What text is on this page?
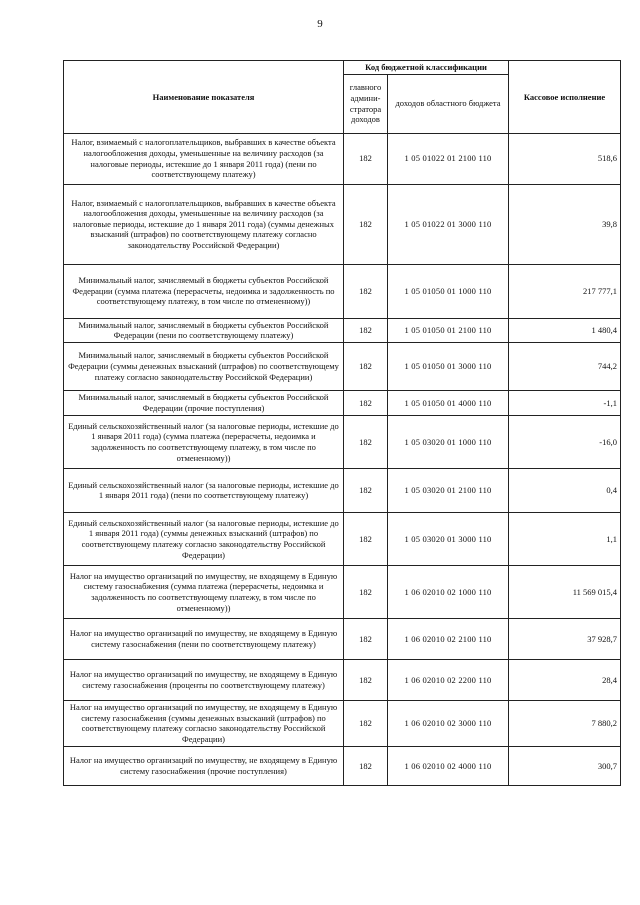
9
Наименование показателя	Код бюджетной классификации		Кассовое исполнение
	главного админи-стратора доходов	доходов областного бюджета	
Налог, взимаемый с налогоплательщиков, выбравших в качестве объекта налогообложения доходы, уменьшенные на величину расходов (за налоговые периоды, истекшие до 1 января 2011 года) (пени по соответствующему платежу)	182	1 05 01022 01 2100 110	518,6
Налог, взимаемый с налогоплательщиков, выбравших в качестве объекта налогообложения доходы, уменьшенные на величину расходов (за налоговые периоды, истекшие до 1 января 2011 года) (суммы денежных взысканий (штрафов) по соответствующему платежу согласно законодательству Российской Федерации)	182	1 05 01022 01 3000 110	39,8
Минимальный налог, зачисляемый в бюджеты субъектов Российской Федерации (сумма платежа (перерасчеты, недоимка и задолженность по соответствующему платежу, в том числе по отмененному))	182	1 05 01050 01 1000 110	217 777,1
Минимальный налог, зачисляемый в бюджеты субъектов Российской Федерации (пени по соответствующему платежу)	182	1 05 01050 01 2100 110	1 480,4
Минимальный налог, зачисляемый в бюджеты субъектов Российской Федерации (суммы денежных взысканий (штрафов) по соответствующему платежу согласно законодательству Российской Федерации)	182	1 05 01050 01 3000 110	744,2
Минимальный налог, зачисляемый в бюджеты субъектов Российской Федерации (прочие поступления)	182	1 05 01050 01 4000 110	-1,1
Единый сельскохозяйственный налог (за налоговые периоды, истекшие до 1 января 2011 года) (сумма платежа (перерасчеты, недоимка и задолженность по соответствующему платежу, в том числе по отмененному))	182	1 05 03020 01 1000 110	-16,0
Единый сельскохозяйственный налог (за налоговые периоды, истекшие до 1 января 2011 года) (пени по соответствующему платежу)	182	1 05 03020 01 2100 110	0,4
Единый сельскохозяйственный налог (за налоговые периоды, истекшие до 1 января 2011 года) (суммы денежных взысканий (штрафов) по соответствующему платежу согласно законодательству Российской Федерации)	182	1 05 03020 01 3000 110	1,1
Налог на имущество организаций по имуществу, не входящему в Единую систему газоснабжения (сумма платежа (перерасчеты, недоимка и задолженность по соответствующему платежу, в том числе по отмененному))	182	1 06 02010 02 1000 110	11 569 015,4
Налог на имущество организаций по имуществу, не входящему в Единую систему газоснабжения (пени по соответствующему платежу)	182	1 06 02010 02 2100 110	37 928,7
Налог на имущество организаций по имуществу, не входящему в Единую систему газоснабжения (проценты по соответствующему платежу)	182	1 06 02010 02 2200 110	28,4
Налог на имущество организаций по имуществу, не входящему в Единую систему газоснабжения (суммы денежных взысканий (штрафов) по соответствующему платежу согласно законодательству Российской Федерации)	182	1 06 02010 02 3000 110	7 880,2
Налог на имущество организаций по имуществу, не входящему в Единую систему газоснабжения (прочие поступления)	182	1 06 02010 02 4000 110	300,7
